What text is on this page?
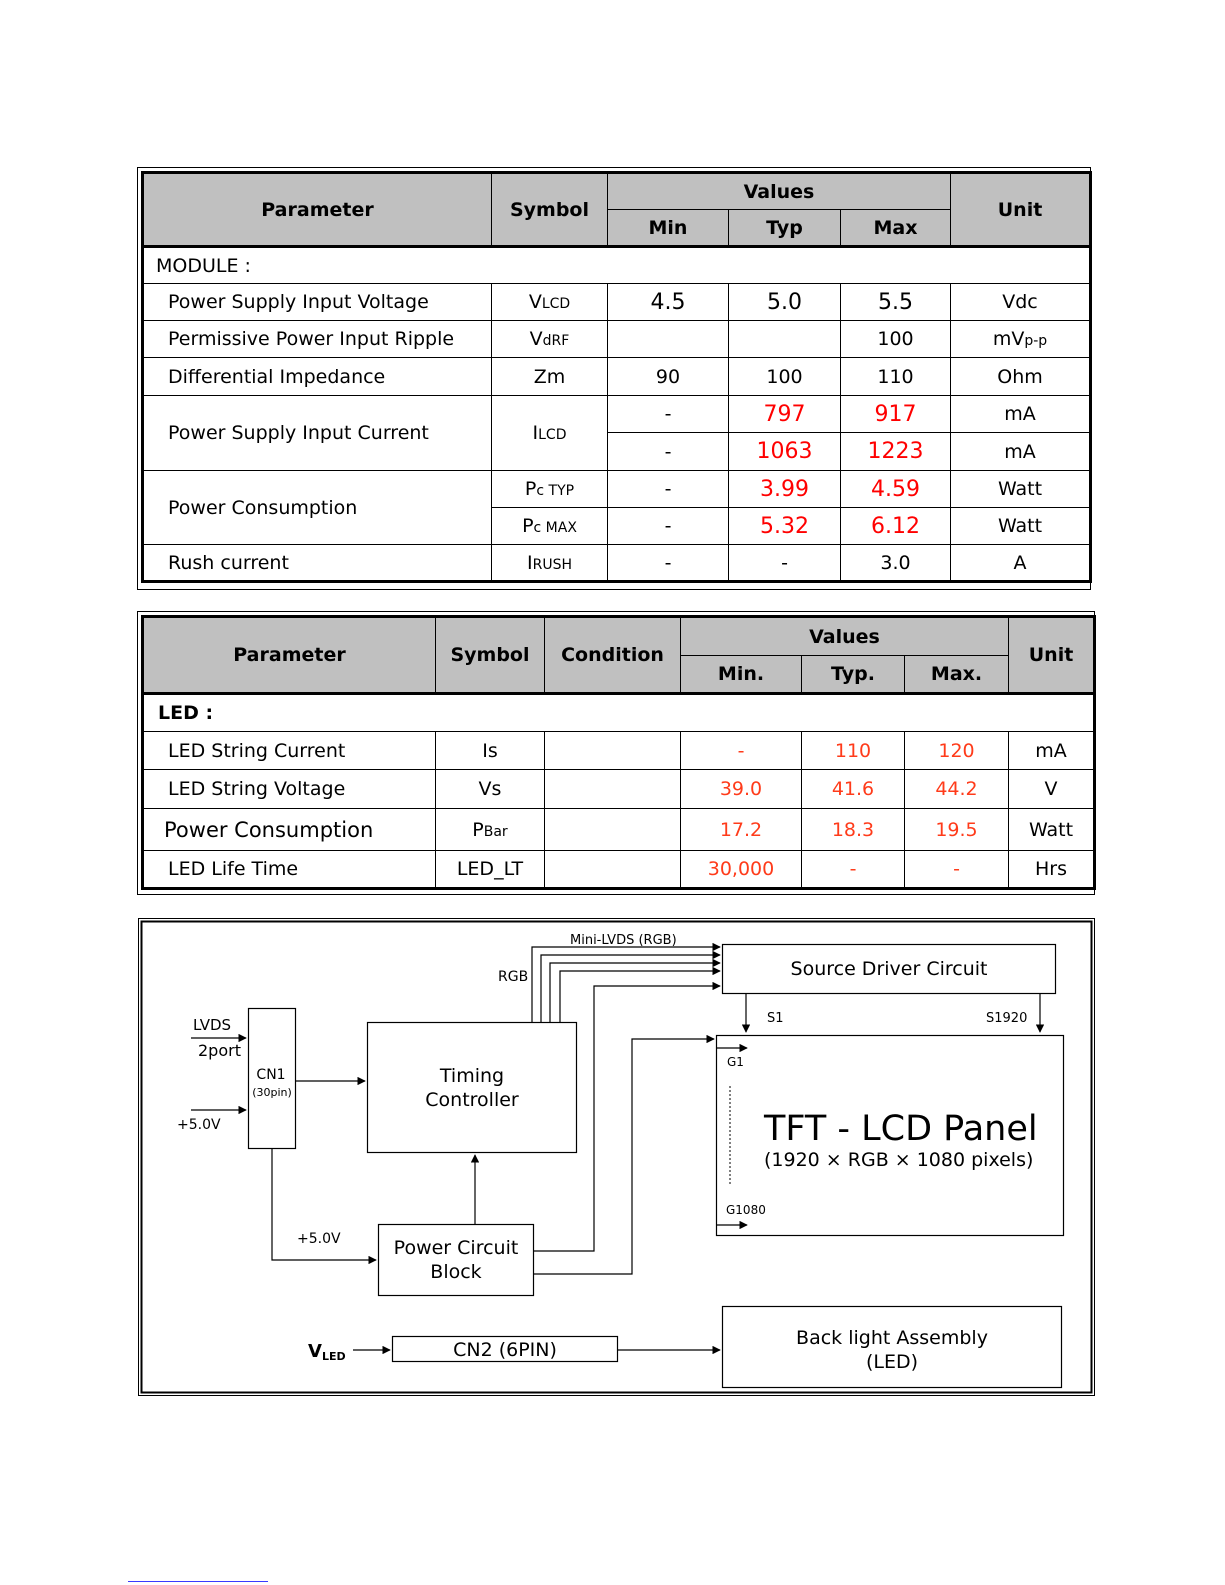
Parameter	Symbol	Values			Unit
		Min	Typ	Max	
MODULE :					
Power Supply Input Voltage	VLCD	4.5	5.0	5.5	Vdc
Permissive Power Input Ripple	VdRF			100	mVp-p
Differential Impedance	Zm	90	100	110	Ohm
Power Supply Input Current	ILCD	-	797	917	mA
		-	1063	1223	mA
Power Consumption	Pc TYP	-	3.99	4.59	Watt
	Pc MAX	-	5.32	6.12	Watt
Rush current	IRUSH	-	-	3.0	A
Parameter	Symbol	Condition	Values			Unit
			Min.	Typ.	Max.	
LED :						
LED String Current	Is		-	110	120	mA
LED String Voltage	Vs		39.0	41.6	44.2	V
Power Consumption	PBar		17.2	18.3	19.5	Watt
LED Life Time	LED_LT		30,000	-	-	Hrs
Mini-LVDS (RGB)
RGB	Source Driver Circuit
S1	S1920
LVDS
2port
CN1
(30pin)
+5.0V
Timing
Controller
G1
G1080
TFT - LCD Panel
(1920 × RGB × 1080 pixels)
+5.0V	Power Circuit
Block
VLED	CN2 (6PIN)
Back light Assembly
(LED)
